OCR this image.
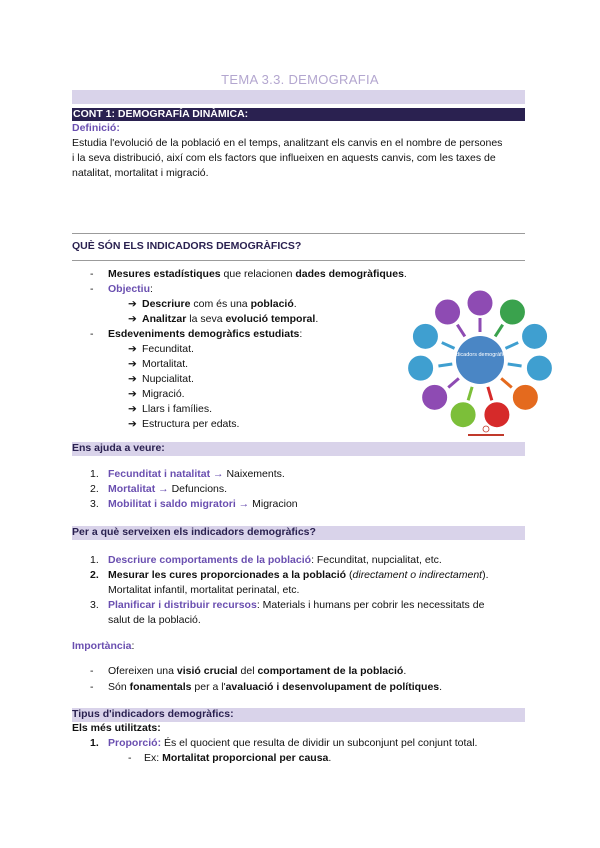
TEMA 3.3. DEMOGRAFIA
CONT 1: DEMOGRAFÍA DINÀMICA:
Definició:
Estudia l'evolució de la població en el temps, analitzant els canvis en el nombre de persones
i la seva distribució, així com els factors que influeixen en aquests canvis, com les taxes de
natalitat, mortalitat i migració.
QUÈ SÓN ELS INDICADORS DEMOGRÀFICS?
- Mesures estadístiques que relacionen dades demogràfiques.
- Objectiu:
➔ Descriure com és una població.
➔ Analitzar la seva evolució temporal.
- Esdeveniments demogràfics estudiats:
➔ Fecunditat.
➔ Mortalitat.
➔ Nupcialitat.
➔ Migració.
➔ Llars i famílies.
➔ Estructura per edats.
Indicadors demogràfics
Ens ajuda a veure:
1. Fecunditat i natalitat → Naixements.
2. Mortalitat → Defuncions.
3. Mobilitat i saldo migratori → Migracion
Per a què serveixen els indicadors demogràfics?
1. Descriure comportaments de la població: Fecunditat, nupcialitat, etc.
2. Mesurar les cures proporcionades a la població (directament o indirectament).
Mortalitat infantil, mortalitat perinatal, etc.
3. Planificar i distribuir recursos: Materials i humans per cobrir les necessitats de
salut de la població.
Importància:
- Ofereixen una visió crucial del comportament de la població.
- Són fonamentals per a l'avaluació i desenvolupament de polítiques.
Tipus d'indicadors demogràfics:
Els més utilitzats:
1. Proporció: És el quocient que resulta de dividir un subconjunt pel conjunt total.
- Ex: Mortalitat proporcional per causa.
